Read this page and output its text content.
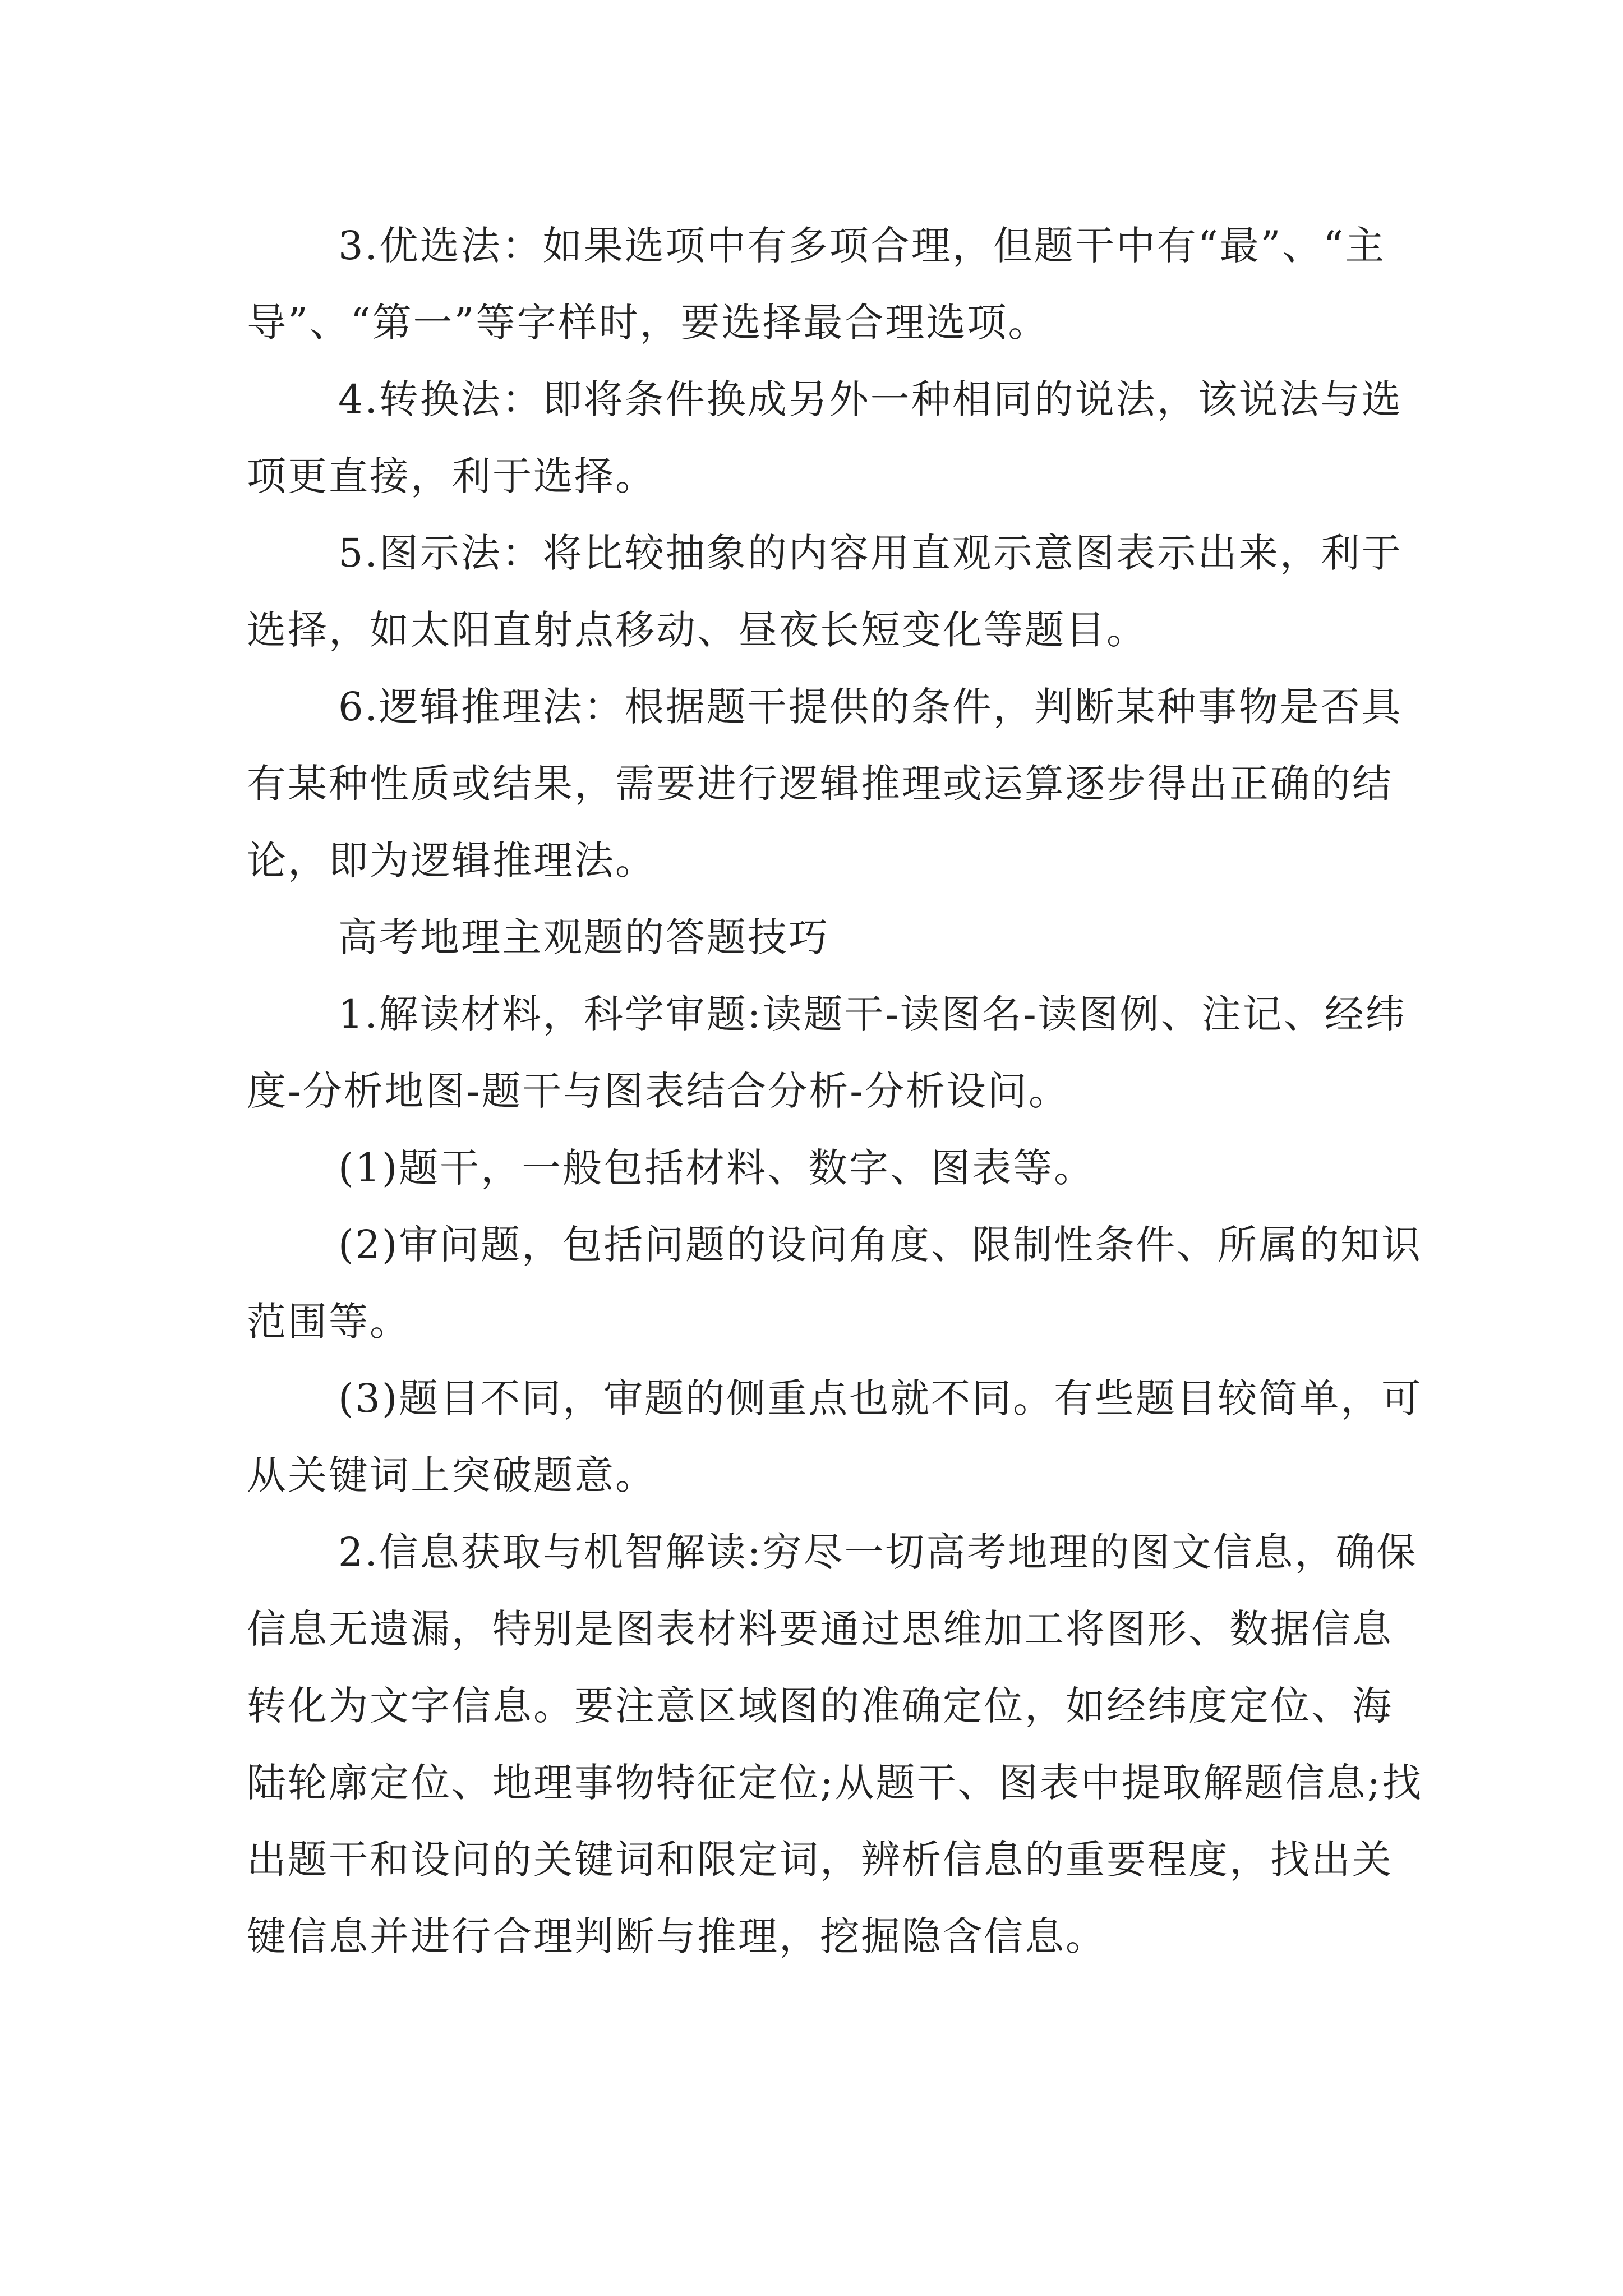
3.优选法：如果选项中有多项合理，但题干中有“最”、“主导”、“第一”等字样时，要选择最合理选项。

4.转换法：即将条件换成另外一种相同的说法，该说法与选项更直接，利于选择。

5.图示法：将比较抽象的内容用直观示意图表示出来，利于选择，如太阳直射点移动、昼夜长短变化等题目。

6.逻辑推理法：根据题干提供的条件，判断某种事物是否具有某种性质或结果，需要进行逻辑推理或运算逐步得出正确的结论，即为逻辑推理法。

高考地理主观题的答题技巧

1.解读材料，科学审题:读题干-读图名-读图例、注记、经纬度-分析地图-题干与图表结合分析-分析设问。

(1)题干，一般包括材料、数字、图表等。

(2)审问题，包括问题的设问角度、限制性条件、所属的知识范围等。

(3)题目不同，审题的侧重点也就不同。有些题目较简单，可从关键词上突破题意。

2.信息获取与机智解读:穷尽一切高考地理的图文信息，确保信息无遗漏，特别是图表材料要通过思维加工将图形、数据信息转化为文字信息。要注意区域图的准确定位，如经纬度定位、海陆轮廓定位、地理事物特征定位;从题干、图表中提取解题信息;找出题干和设问的关键词和限定词，辨析信息的重要程度，找出关键信息并进行合理判断与推理，挖掘隐含信息。
